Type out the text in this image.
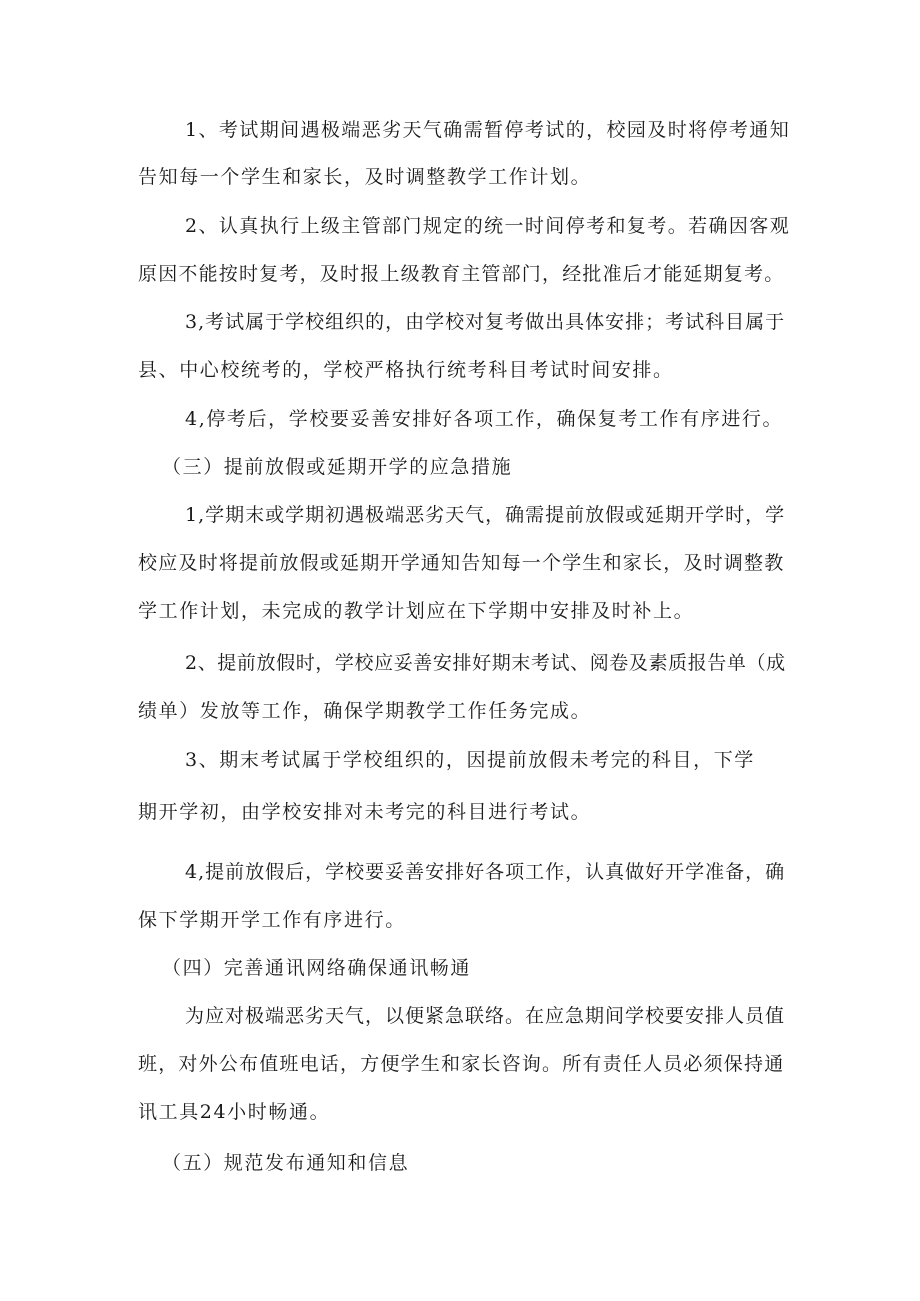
1、考试期间遇极端恶劣天气确需暂停考试的，校园及时将停考通知
告知每一个学生和家长，及时调整教学工作计划。
2、认真执行上级主管部门规定的统一时间停考和复考。若确因客观
原因不能按时复考，及时报上级教育主管部门，经批准后才能延期复考。
3,考试属于学校组织的，由学校对复考做出具体安排；考试科目属于
县、中心校统考的，学校严格执行统考科目考试时间安排。
4,停考后，学校要妥善安排好各项工作，确保复考工作有序进行。
（三）提前放假或延期开学的应急措施
1,学期末或学期初遇极端恶劣天气，确需提前放假或延期开学时，学
校应及时将提前放假或延期开学通知告知每一个学生和家长，及时调整教
学工作计划，未完成的教学计划应在下学期中安排及时补上。
2、提前放假时，学校应妥善安排好期末考试、阅卷及素质报告单（成
绩单）发放等工作，确保学期教学工作任务完成。
3、期末考试属于学校组织的，因提前放假未考完的科目，下学
期开学初，由学校安排对未考完的科目进行考试。
4,提前放假后，学校要妥善安排好各项工作，认真做好开学准备，确
保下学期开学工作有序进行。
（四）完善通讯网络确保通讯畅通
为应对极端恶劣天气，以便紧急联络。在应急期间学校要安排人员值
班，对外公布值班电话，方便学生和家长咨询。所有责任人员必须保持通
讯工具24小时畅通。
（五）规范发布通知和信息
